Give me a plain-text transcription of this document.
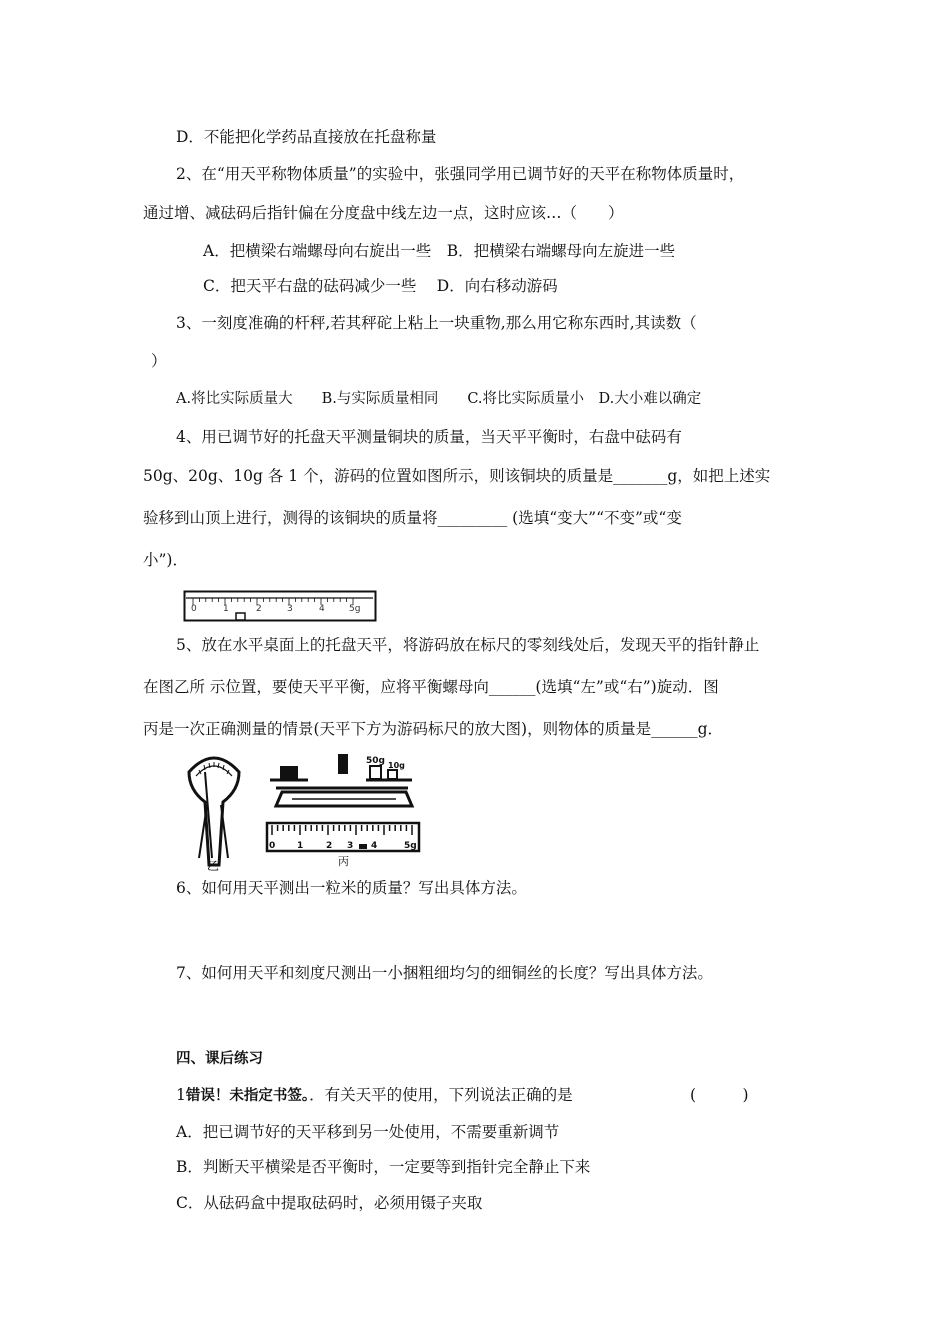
D．不能把化学药品直接放在托盘称量
2、在“用天平称物体质量”的实验中，张强同学用已调节好的天平在称物体质量时，
通过增、减砝码后指针偏在分度盘中线左边一点，这时应该…（　　）
A．把横梁右端螺母向右旋出一些　B．把横梁右端螺母向左旋进一些
C．把天平右盘的砝码减少一些　 D．向右移动游码
3、一刻度准确的杆秤,若其秤砣上粘上一块重物,那么用它称东西时,其读数（
）
A.将比实际质量大　　B.与实际质量相同　　C.将比实际质量小　D.大小难以确定
4、用已调节好的托盘天平测量铜块的质量，当天平平衡时，右盘中砝码有
50g、20g、10g 各 1 个，游码的位置如图所示，则该铜块的质量是_______g，如把上述实
验移到山顶上进行，测得的该铜块的质量将_________ (选填“变大”“不变”或“变
小”)．
0	1	2	3	4	5g
5、放在水平桌面上的托盘天平，将游码放在标尺的零刻线处后，发现天平的指针静止
在图乙所 示位置，要使天平平衡，应将平衡螺母向______(选填“左”或“右”)旋动．图
丙是一次正确测量的情景(天平下方为游码标尺的放大图)，则物体的质量是______g．
乙
50g 10g
0 1	2 3 4	5g
丙
6、如何用天平测出一粒米的质量？写出具体方法。
7、如何用天平和刻度尺测出一小捆粗细均匀的细铜丝的长度？写出具体方法。
四、课后练习
1错误！未指定书签。．有关天平的使用，下列说法正确的是	(　　　)
A．把已调节好的天平移到另一处使用，不需要重新调节
B．判断天平横梁是否平衡时，一定要等到指针完全静止下来
C．从砝码盒中提取砝码时，必须用镊子夹取
